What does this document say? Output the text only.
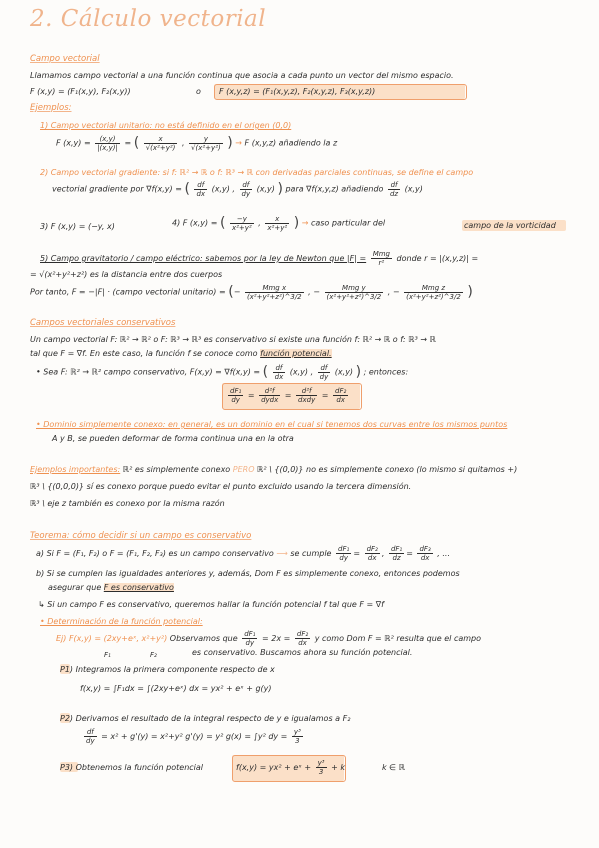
2. Cálculo vectorial
Campo vectorial
Llamamos campo vectorial a una función continua que asocia a cada punto un vector del mismo espacio.
F (x,y) = (F₁(x,y), F₂(x,y))	o F (x,y,z) = (F₁(x,y,z), F₂(x,y,z), F₃(x,y,z))
Ejemplos:
1) Campo vectorial unitario: no está definido en el origen (0,0)
F $(x,y) = \frac{(x,y)}{|(x,y)|}$ = ( $\frac{x}{\text{√(x²+y²)}}$ , $\frac{y}{\text{√(x²+y²)}}$ ) → F (x,y,z) añadiendo la z
2) Campo vectorial gradiente: si f: ℝ² → ℝ o f: ℝ³ → ℝ con derivadas parciales continuas, se define el campo
vectorial gradiente por ∇f(x,y) = ( $\frac{df}{dx} (x,y)$ , $\frac{df}{dy} (x,y)$ ) para ∇f(x,y,z) añadiendo $\frac{df}{dz} (x,y)$
3) F (x,y) = (−y, x)	4) F (x,y) = ( $\frac{-y}{\text{x²+y²}}$ , $\frac{x}{\text{x²+y²}}$ ) → caso particular del	campo de la vorticidad
5) Campo gravitatorio / campo eléctrico: sabemos por la ley de Newton que $|F| = \frac{\text{Mmg}}{\text{r²}}$ donde r = |(x,y,z)| =
= √(x²+y²+z²) es la distancia entre dos cuerpos
Por tanto, F = −|F| · (campo vectorial unitario) = (− $\frac{\text{Mmg x}}{\text{(x²+y²+z²)\textasciicircum{}3/2}}$ , − $\frac{\text{Mmg y}}{\text{(x²+y²+z²)\textasciicircum{}3/2}}$ , − $\frac{\text{Mmg z}}{\text{(x²+y²+z²)\textasciicircum{}3/2}}$ )
Campos vectoriales conservativos
Un campo vectorial F: ℝ² → ℝ² o F: ℝ³ → ℝ³ es conservativo si existe una función f: ℝ² → ℝ o f: ℝ³ → ℝ
tal que F = ∇f. En este caso, la función f se conoce como función potencial.
• Sea F: ℝ² → ℝ² campo conservativo, F(x,y) = ∇f(x,y) = ( $\frac{df}{dx} (x,y)$ , $\frac{df}{dy} (x,y)$ ) ; entonces:
$\frac{\text{dF₁}}{dy} = \frac{\text{d²f}}{\text{dydx}} = \frac{\text{d²f}}{\text{dxdy}} = \frac{\text{dF₂}}{dx}$
• Dominio simplemente conexo: en general, es un dominio en el cual si tenemos dos curvas entre los mismos puntos
A y B, se pueden deformar de forma continua una en la otra
Ejemplos importantes: ℝ² es simplemente conexo PERO ℝ² \ {(0,0)} no es simplemente conexo (lo mismo si quitamos +)
ℝ³ \ {(0,0,0)} sí es conexo porque puedo evitar el punto excluido usando la tercera dimensión.
ℝ³ \ eje z también es conexo por la misma razón
Teorema: cómo decidir si un campo es conservativo
a) Si F = (F₁, F₂) o F = (F₁, F₂, F₃) es un campo conservativo ⟶ se cumple $\frac{\text{dF₁}}{dy} = \frac{\text{dF₂}}{dx}$ , $\frac{\text{dF₁}}{dz} = \frac{\text{dF₃}}{dx}$ , ...
b) Si se cumplen las igualdades anteriores y, además, Dom F es simplemente conexo, entonces podemos
asegurar que F es conservativo
↳ Si un campo F es conservativo, queremos hallar la función potencial f tal que F = ∇f
• Determinación de la función potencial:
Ej) F(x,y) = (2xy+eˣ, x²+y²) Observamos que $\frac{\text{dF₁}}{dy} = 2x = \frac{\text{dF₂}}{dx}$ y como Dom F = ℝ² resulta que el campo
F₁	F₂	es conservativo. Buscamos ahora su función potencial.
P1) Integramos la primera componente respecto de x
f(x,y) = ∫F₁dx = ∫(2xy+eˣ) dx = yx² + eˣ + g(y)
P2) Derivamos el resultado de la integral respecto de y e igualamos a F₂
$\frac{df}{dy} = x^2 + g'(y) = x^2+y^2$ g'(y) = y² g(x) = ∫y² dy = $\frac{\text{y³}}{3}$
P3) Obtenemos la función potencial	f(x,y) = yx² + eˣ + $\frac{\text{y³}}{3} + k$	k ∈ ℝ
